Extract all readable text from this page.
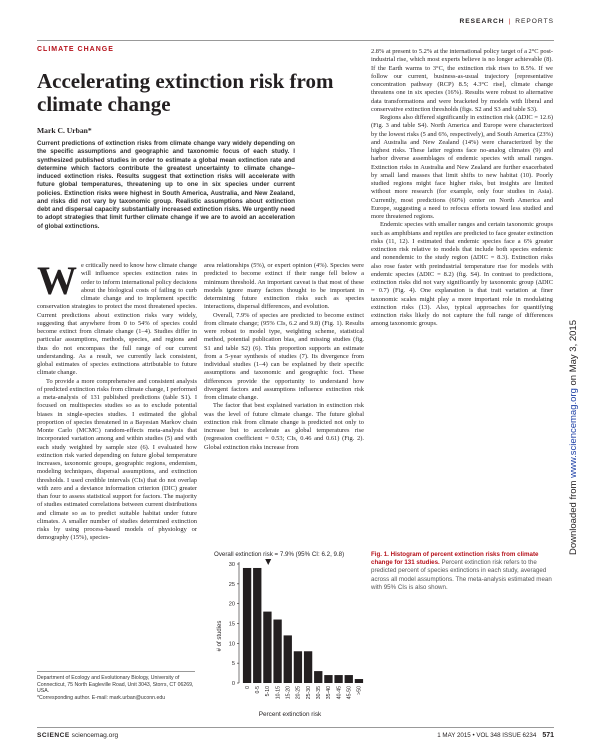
RESEARCH | REPORTS
CLIMATE CHANGE
Accelerating extinction risk from climate change
Mark C. Urban*
Current predictions of extinction risks from climate change vary widely depending on the specific assumptions and geographic and taxonomic focus of each study. I synthesized published studies in order to estimate a global mean extinction rate and determine which factors contribute the greatest uncertainty to climate change–induced extinction risks. Results suggest that extinction risks will accelerate with future global temperatures, threatening up to one in six species under current policies. Extinction risks were highest in South America, Australia, and New Zealand, and risks did not vary by taxonomic group. Realistic assumptions about extinction debt and dispersal capacity substantially increased extinction risks. We urgently need to adopt strategies that limit further climate change if we are to avoid an acceleration of global extinctions.

We critically need to know how climate change will influence species extinction rates in order to inform international policy decisions about the biological costs of failing to curb climate change and to implement specific conservation strategies to protect the most threatened species. Current predictions about extinction risks vary widely, suggesting that anywhere from 0 to 54% of species could become extinct from climate change (1–4). Studies differ in particular assumptions, methods, species, and regions and thus do not encompass the full range of our current understanding. As a result, we currently lack consistent, global estimates of species extinctions attributable to future climate change.

To provide a more comprehensive and consistent analysis of predicted extinction risks from climate change, I performed a meta-analysis of 131 published predictions (table S1). I focused on multispecies studies so as to exclude potential biases in single-species studies. I estimated the global proportion of species threatened in a Bayesian Markov chain Monte Carlo (MCMC) random-effects meta-analysis that incorporated variation among and within studies (5) and with each study weighted by sample size (6). I evaluated how extinction risk varied depending on future global temperature increases, taxonomic groups, geographic regions, endemism, modeling techniques, dispersal assumptions, and extinction thresholds. I used credible intervals (CIs) that do not overlap with zero and a deviance information criterion (DIC) greater than four to assess statistical support for factors. The majority of studies estimated correlations between current distributions and climate so as to predict suitable habitat under future climates. A smaller number of studies determined extinction risks by using process-based models of physiology or demography (15%), species-

area relationships (5%), or expert opinion (4%). Species were predicted to become extinct if their range fell below a minimum threshold. An important caveat is that most of these models ignore many factors thought to be important in determining future extinction risks such as species interactions, dispersal differences, and evolution.

Overall, 7.9% of species are predicted to become extinct from climate change; (95% CIs, 6.2 and 9.8) (Fig. 1). Results were robust to model type, weighting scheme, statistical method, potential publication bias, and missing studies (fig. S1 and table S2) (6). This proportion supports an estimate from a 5-year synthesis of studies (7). Its divergence from individual studies (1–4) can be explained by their specific assumptions and taxonomic and geographic foci. These differences provide the opportunity to understand how divergent factors and assumptions influence extinction risk from climate change.

The factor that best explained variation in extinction risk was the level of future climate change. The future global extinction risk from climate change is predicted not only to increase but to accelerate as global temperatures rise (regression coefficient = 0.53; CIs, 0.46 and 0.61) (Fig. 2). Global extinction risks increase from

2.8% at present to 5.2% at the international policy target of a 2°C post-industrial rise, which most experts believe is no longer achievable (8). If the Earth warms to 3°C, the extinction risk rises to 8.5%. If we follow our current, business-as-usual trajectory [representative concentration pathway (RCP) 8.5; 4.3°C rise], climate change threatens one in six species (16%). Results were robust to alternative data transformations and were bracketed by models with liberal and conservative extinction thresholds (figs. S2 and S3 and table S3).

Regions also differed significantly in extinction risk (ΔDIC = 12.6) (Fig. 3 and table S4). North America and Europe were characterized by the lowest risks (5 and 6%, respectively), and South America (23%) and Australia and New Zealand (14%) were characterized by the highest risks. These latter regions face no-analog climates (9) and harbor diverse assemblages of endemic species with small ranges. Extinction risks in Australia and New Zealand are further exacerbated by small land masses that limit shifts to new habitat (10). Poorly studied regions might face higher risks, but insights are limited without more research (for example, only four studies in Asia). Currently, most predictions (60%) center on North America and Europe, suggesting a need to refocus efforts toward less studied and more threatened regions.

Endemic species with smaller ranges and certain taxonomic groups such as amphibians and reptiles are predicted to face greater extinction risks (11, 12). I estimated that endemic species face a 6% greater extinction risk relative to models that include both species endemic and nonendemic to the study region (ΔDIC = 8.3). Extinction risks also rose faster with preindustrial temperature rise for models with endemic species (ΔDIC = 8.2) (fig. S4). In contrast to predictions, extinction risks did not vary significantly by taxonomic group (ΔDIC = 0.7) (Fig. 4). One explanation is that trait variation at finer taxonomic scales might play a more important role in modulating extinction risks (13). Also, typical approaches for quantifying extinction risks likely do not capture the full range of differences among taxonomic groups.

Department of Ecology and Evolutionary Biology, University of Connecticut, 75 North Eagleville Road, Unit 3043, Storrs, CT 06269, USA.

*Corresponding author. E-mail: mark.urban@uconn.edu

Overall extinction risk = 7.9% (95% CI: 6.2, 9.8)
# of studies
Percent extinction risk
0
5
10
15
20
25
30
0 0-5 5-10 10-15 15-20 20-25 25-30 30-35 35-40 40-45 45-50 >50
Fig. 1. Histogram of percent extinction risks from climate change for 131 studies. Percent extinction risk refers to the predicted percent of species extinctions in each study, averaged across all model assumptions. The meta-analysis estimated mean with 95% CIs is also shown.
Downloaded from www.sciencemag.org on May 3, 2015
SCIENCE sciencemag.org	1 MAY 2015 • VOL 348 ISSUE 6234 571
